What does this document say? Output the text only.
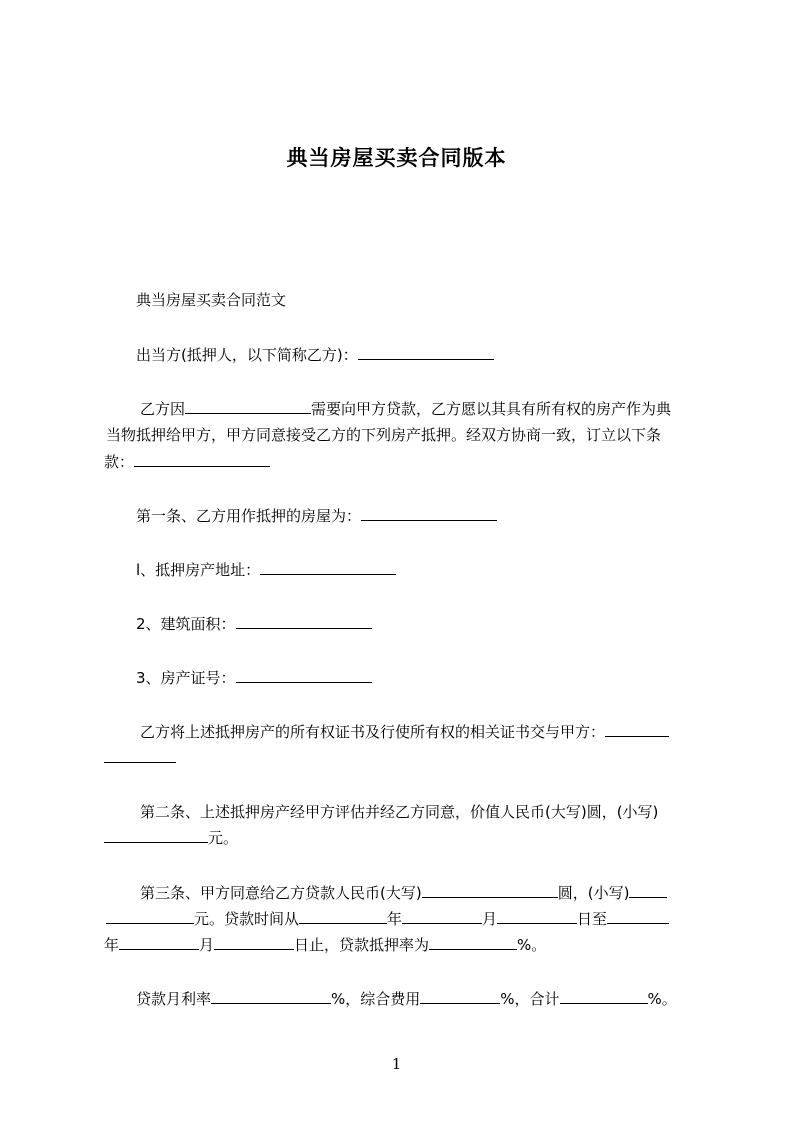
典当房屋买卖合同版本
典当房屋买卖合同范文
出当方(抵押人，以下简称乙方)：
乙方因	需要向甲方贷款，乙方愿以其具有所有权的房产作为典
当物抵押给甲方，甲方同意接受乙方的下列房产抵押。经双方协商一致，订立以下条
款：
第一条、乙方用作抵押的房屋为：
l、抵押房产地址：
2、建筑面积：
3、房产证号：
乙方将上述抵押房产的所有权证书及行使所有权的相关证书交与甲方：
第二条、上述抵押房产经甲方评估并经乙方同意，价值人民币(大写)圆，(小写)
元。
第三条、甲方同意给乙方贷款人民币(大写)	圆，(小写)
元。贷款时间从	年	月	日至
年	月	日止，贷款抵押率为	%。
贷款月利率	%，综合费用	%，合计	%。
1
